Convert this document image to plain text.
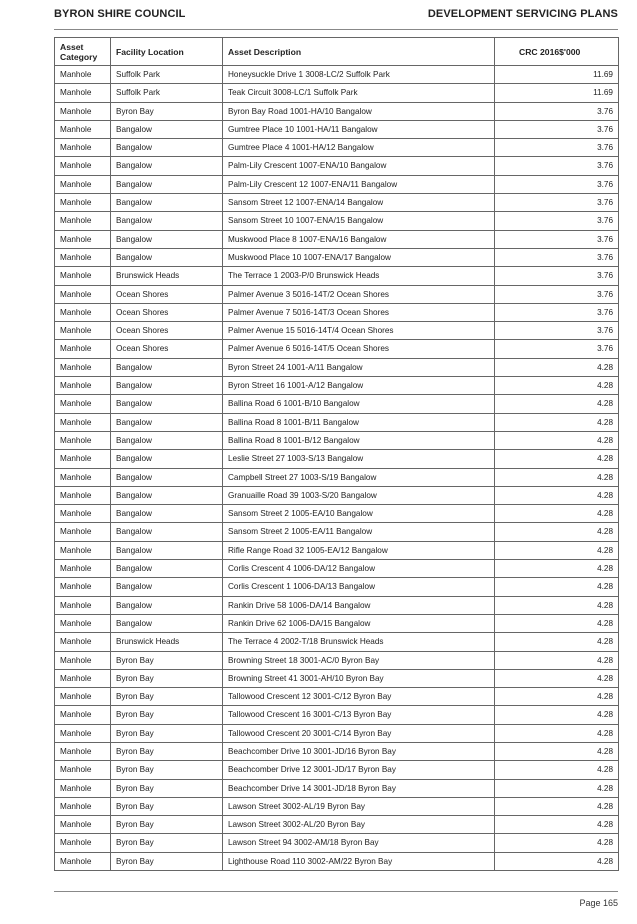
BYRON SHIRE COUNCIL	DEVELOPMENT SERVICING PLANS
Asset Category	Facility Location	Asset Description	CRC 2016$'000
Manhole	Suffolk Park	Honeysuckle Drive 1 3008-LC/2 Suffolk Park	11.69
Manhole	Suffolk Park	Teak Circuit 3008-LC/1 Suffolk Park	11.69
Manhole	Byron Bay	Byron Bay Road 1001-HA/10 Bangalow	3.76
Manhole	Bangalow	Gumtree Place 10 1001-HA/11 Bangalow	3.76
Manhole	Bangalow	Gumtree Place 4 1001-HA/12 Bangalow	3.76
Manhole	Bangalow	Palm-Lily Crescent 1007-ENA/10 Bangalow	3.76
Manhole	Bangalow	Palm-Lily Crescent 12 1007-ENA/11 Bangalow	3.76
Manhole	Bangalow	Sansom Street 12 1007-ENA/14 Bangalow	3.76
Manhole	Bangalow	Sansom Street 10 1007-ENA/15 Bangalow	3.76
Manhole	Bangalow	Muskwood Place 8 1007-ENA/16 Bangalow	3.76
Manhole	Bangalow	Muskwood Place 10 1007-ENA/17 Bangalow	3.76
Manhole	Brunswick Heads	The Terrace 1 2003-P/0 Brunswick Heads	3.76
Manhole	Ocean Shores	Palmer Avenue 3 5016-14T/2 Ocean Shores	3.76
Manhole	Ocean Shores	Palmer Avenue 7 5016-14T/3 Ocean Shores	3.76
Manhole	Ocean Shores	Palmer Avenue 15 5016-14T/4 Ocean Shores	3.76
Manhole	Ocean Shores	Palmer Avenue 6 5016-14T/5 Ocean Shores	3.76
Manhole	Bangalow	Byron Street 24 1001-A/11 Bangalow	4.28
Manhole	Bangalow	Byron Street 16 1001-A/12 Bangalow	4.28
Manhole	Bangalow	Ballina Road 6 1001-B/10 Bangalow	4.28
Manhole	Bangalow	Ballina Road 8 1001-B/11 Bangalow	4.28
Manhole	Bangalow	Ballina Road 8 1001-B/12 Bangalow	4.28
Manhole	Bangalow	Leslie Street 27 1003-S/13 Bangalow	4.28
Manhole	Bangalow	Campbell Street 27 1003-S/19 Bangalow	4.28
Manhole	Bangalow	Granuaille Road 39 1003-S/20 Bangalow	4.28
Manhole	Bangalow	Sansom Street 2 1005-EA/10 Bangalow	4.28
Manhole	Bangalow	Sansom Street 2 1005-EA/11 Bangalow	4.28
Manhole	Bangalow	Rifle Range Road 32 1005-EA/12 Bangalow	4.28
Manhole	Bangalow	Corlis Crescent 4 1006-DA/12 Bangalow	4.28
Manhole	Bangalow	Corlis Crescent 1 1006-DA/13 Bangalow	4.28
Manhole	Bangalow	Rankin Drive 58 1006-DA/14 Bangalow	4.28
Manhole	Bangalow	Rankin Drive 62 1006-DA/15 Bangalow	4.28
Manhole	Brunswick Heads	The Terrace 4 2002-T/18 Brunswick Heads	4.28
Manhole	Byron Bay	Browning Street 18 3001-AC/0 Byron Bay	4.28
Manhole	Byron Bay	Browning Street 41 3001-AH/10 Byron Bay	4.28
Manhole	Byron Bay	Tallowood Crescent 12 3001-C/12 Byron Bay	4.28
Manhole	Byron Bay	Tallowood Crescent 16 3001-C/13 Byron Bay	4.28
Manhole	Byron Bay	Tallowood Crescent 20 3001-C/14 Byron Bay	4.28
Manhole	Byron Bay	Beachcomber Drive 10 3001-JD/16 Byron Bay	4.28
Manhole	Byron Bay	Beachcomber Drive 12 3001-JD/17 Byron Bay	4.28
Manhole	Byron Bay	Beachcomber Drive 14 3001-JD/18 Byron Bay	4.28
Manhole	Byron Bay	Lawson Street 3002-AL/19 Byron Bay	4.28
Manhole	Byron Bay	Lawson Street 3002-AL/20 Byron Bay	4.28
Manhole	Byron Bay	Lawson Street 94 3002-AM/18 Byron Bay	4.28
Manhole	Byron Bay	Lighthouse Road 110 3002-AM/22 Byron Bay	4.28
Page 165
